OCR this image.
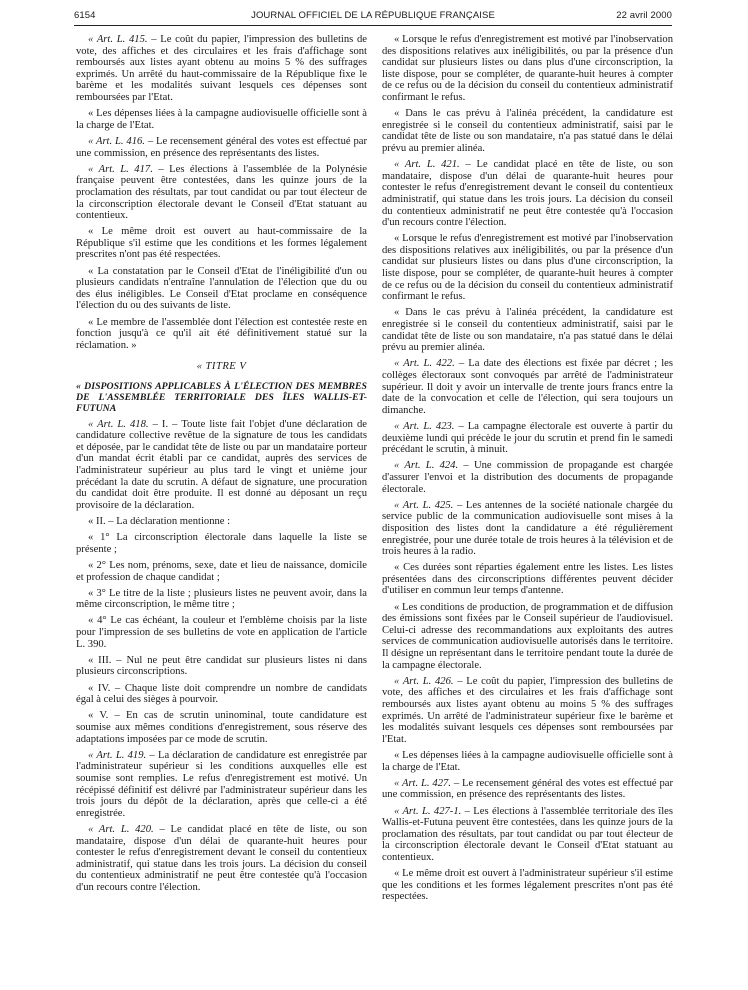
6154	JOURNAL OFFICIEL DE LA RÉPUBLIQUE FRANÇAISE	22 avril 2000

« Art. L. 415. – Le coût du papier, l'impression des bulletins de vote, des affiches et des circulaires et les frais d'affichage sont remboursés aux listes ayant obtenu au moins 5 % des suffrages exprimés. Un arrêté du haut-commissaire de la République fixe le barème et les modalités suivant lesquels ces dépenses sont remboursées par l'Etat.

« Les dépenses liées à la campagne audiovisuelle officielle sont à la charge de l'Etat.

« Art. L. 416. – Le recensement général des votes est effectué par une commission, en présence des représentants des listes.

« Art. L. 417. – Les élections à l'assemblée de la Polynésie française peuvent être contestées, dans les quinze jours de la proclamation des résultats, par tout candidat ou par tout électeur de la circonscription électorale devant le Conseil d'Etat statuant au contentieux.

« Le même droit est ouvert au haut-commissaire de la République s'il estime que les conditions et les formes légalement prescrites n'ont pas été respectées.

« La constatation par le Conseil d'Etat de l'inéligibilité d'un ou plusieurs candidats n'entraîne l'annulation de l'élection que du ou des élus inéligibles. Le Conseil d'Etat proclame en conséquence l'élection du ou des suivants de liste.

« Le membre de l'assemblée dont l'élection est contestée reste en fonction jusqu'à ce qu'il ait été définitivement statué sur la réclamation. »

« TITRE V

« DISPOSITIONS APPLICABLES À L'ÉLECTION DES MEMBRES DE L'ASSEMBLÉE TERRITORIALE DES ÎLES WALLIS-ET-FUTUNA

« Art. L. 418. – I. – Toute liste fait l'objet d'une déclaration de candidature collective revêtue de la signature de tous les candidats et déposée, par le candidat tête de liste ou par un mandataire porteur d'un mandat écrit établi par ce candidat, auprès des services de l'administrateur supérieur au plus tard le vingt et unième jour précédant la date du scrutin. A défaut de signature, une procuration du candidat doit être produite. Il est donné au déposant un reçu provisoire de la déclaration.

« II. – La déclaration mentionne :

« 1° La circonscription électorale dans laquelle la liste se présente ;

« 2° Les nom, prénoms, sexe, date et lieu de naissance, domicile et profession de chaque candidat ;

« 3° Le titre de la liste ; plusieurs listes ne peuvent avoir, dans la même circonscription, le même titre ;

« 4° Le cas échéant, la couleur et l'emblème choisis par la liste pour l'impression de ses bulletins de vote en application de l'article L. 390.

« III. – Nul ne peut être candidat sur plusieurs listes ni dans plusieurs circonscriptions.

« IV. – Chaque liste doit comprendre un nombre de candidats égal à celui des sièges à pourvoir.

« V. – En cas de scrutin uninominal, toute candidature est soumise aux mêmes conditions d'enregistrement, sous réserve des adaptations imposées par ce mode de scrutin.

« Art. L. 419. – La déclaration de candidature est enregistrée par l'administrateur supérieur si les conditions auxquelles elle est soumise sont remplies. Le refus d'enregistrement est motivé. Un récépissé définitif est délivré par l'administrateur supérieur dans les trois jours du dépôt de la déclaration, après que celle-ci a été enregistrée.

« Art. L. 420. – Le candidat placé en tête de liste, ou son mandataire, dispose d'un délai de quarante-huit heures pour contester le refus d'enregistrement devant le conseil du contentieux administratif, qui statue dans les trois jours. La décision du conseil du contentieux administratif ne peut être contestée qu'à l'occasion d'un recours contre l'élection.

« Lorsque le refus d'enregistrement est motivé par l'inobservation des dispositions relatives aux inéligibilités, ou par la présence d'un candidat sur plusieurs listes ou dans plus d'une circonscription, la liste dispose, pour se compléter, de quarante-huit heures à compter de ce refus ou de la décision du conseil du contentieux administratif confirmant le refus.

« Dans le cas prévu à l'alinéa précédent, la candidature est enregistrée si le conseil du contentieux administratif, saisi par le candidat tête de liste ou son mandataire, n'a pas statué dans le délai prévu au premier alinéa.

« Art. L. 421. – Le candidat placé en tête de liste, ou son mandataire, dispose d'un délai de quarante-huit heures pour contester le refus d'enregistrement devant le conseil du contentieux administratif, qui statue dans les trois jours. La décision du conseil du contentieux administratif ne peut être contestée qu'à l'occasion d'un recours contre l'élection.

« Lorsque le refus d'enregistrement est motivé par l'inobservation des dispositions relatives aux inéligibilités, ou par la présence d'un candidat sur plusieurs listes ou dans plus d'une circonscription, la liste dispose, pour se compléter, de quarante-huit heures à compter de ce refus ou de la décision du conseil du contentieux administratif confirmant le refus.

« Dans le cas prévu à l'alinéa précédent, la candidature est enregistrée si le conseil du contentieux administratif, saisi par le candidat tête de liste ou son mandataire, n'a pas statué dans le délai prévu au premier alinéa.

« Art. L. 422. – La date des élections est fixée par décret ; les collèges électoraux sont convoqués par arrêté de l'administrateur supérieur. Il doit y avoir un intervalle de trente jours francs entre la date de la convocation et celle de l'élection, qui sera toujours un dimanche.

« Art. L. 423. – La campagne électorale est ouverte à partir du deuxième lundi qui précède le jour du scrutin et prend fin le samedi précédant le scrutin, à minuit.

« Art. L. 424. – Une commission de propagande est chargée d'assurer l'envoi et la distribution des documents de propagande électorale.

« Art. L. 425. – Les antennes de la société nationale chargée du service public de la communication audiovisuelle sont mises à la disposition des listes dont la candidature a été régulièrement enregistrée, pour une durée totale de trois heures à la télévision et de trois heures à la radio.

« Ces durées sont réparties également entre les listes. Les listes présentées dans des circonscriptions différentes peuvent décider d'utiliser en commun leur temps d'antenne.

« Les conditions de production, de programmation et de diffusion des émissions sont fixées par le Conseil supérieur de l'audiovisuel. Celui-ci adresse des recommandations aux exploitants des autres services de communication audiovisuelle autorisés dans le territoire. Il désigne un représentant dans le territoire pendant toute la durée de la campagne électorale.

« Art. L. 426. – Le coût du papier, l'impression des bulletins de vote, des affiches et des circulaires et les frais d'affichage sont remboursés aux listes ayant obtenu au moins 5 % des suffrages exprimés. Un arrêté de l'administrateur supérieur fixe le barème et les modalités suivant lesquels ces dépenses sont remboursées par l'Etat.

« Les dépenses liées à la campagne audiovisuelle officielle sont à la charge de l'Etat.

« Art. L. 427. – Le recensement général des votes est effectué par une commission, en présence des représentants des listes.

« Art. L. 427-1. – Les élections à l'assemblée territoriale des îles Wallis-et-Futuna peuvent être contestées, dans les quinze jours de la proclamation des résultats, par tout candidat ou par tout électeur de la circonscription électorale devant le Conseil d'Etat statuant au contentieux.

« Le même droit est ouvert à l'administrateur supérieur s'il estime que les conditions et les formes légalement prescrites n'ont pas été respectées.
